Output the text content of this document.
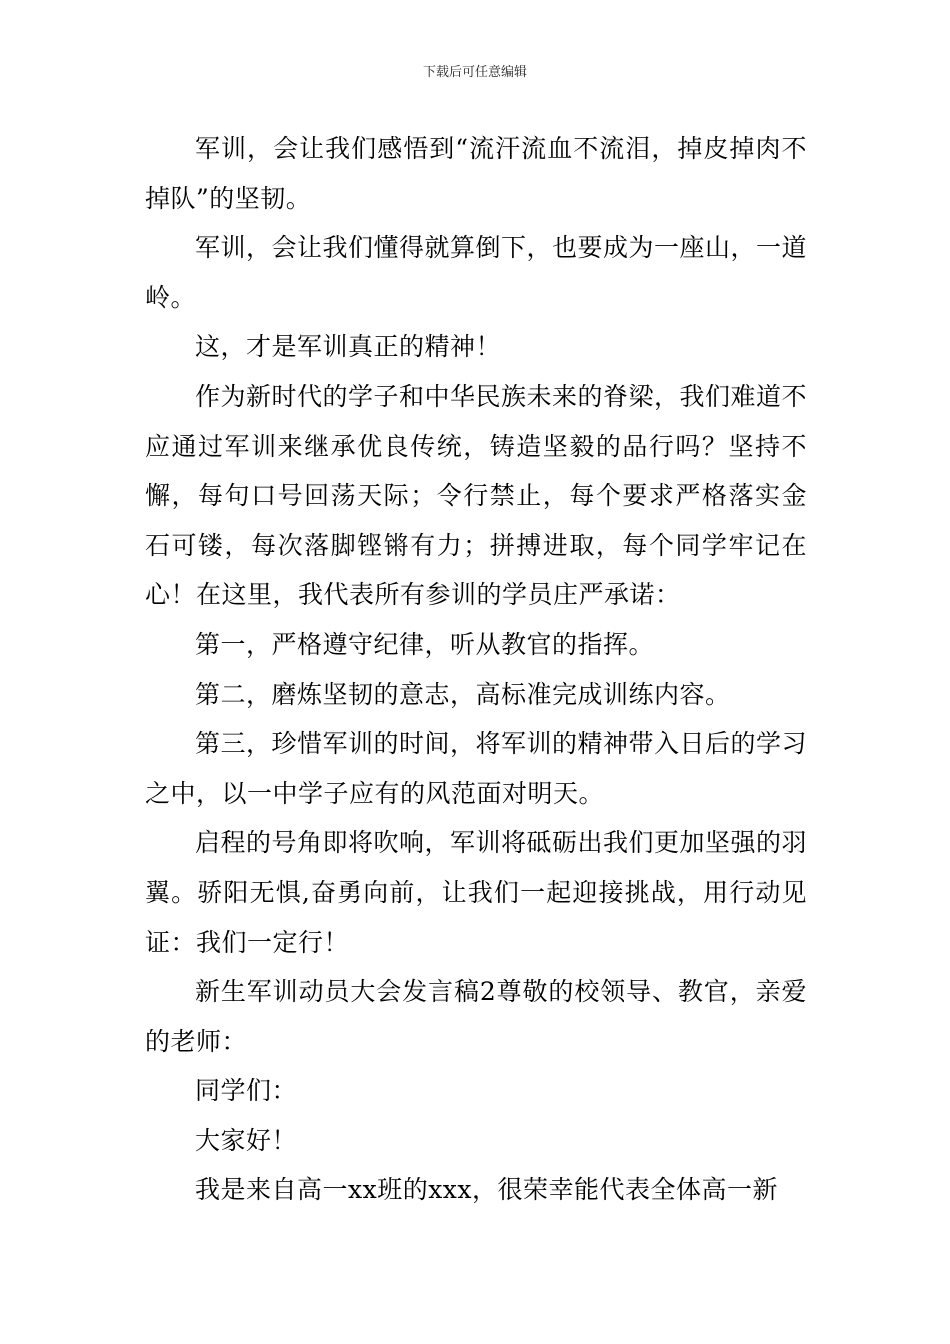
下载后可任意编辑

军训，会让我们感悟到“流汗流血不流泪，掉皮掉肉不掉队”的坚韧。

军训，会让我们懂得就算倒下，也要成为一座山，一道岭。

这，才是军训真正的精神！

作为新时代的学子和中华民族未来的脊梁，我们难道不应通过军训来继承优良传统，铸造坚毅的品行吗？坚持不懈，每句口号回荡天际；令行禁止，每个要求严格落实金石可镂，每次落脚铿锵有力；拼搏进取，每个同学牢记在心！在这里，我代表所有参训的学员庄严承诺：

第一，严格遵守纪律，听从教官的指挥。

第二，磨炼坚韧的意志，高标准完成训练内容。

第三，珍惜军训的时间，将军训的精神带入日后的学习之中，以一中学子应有的风范面对明天。

启程的号角即将吹响，军训将砥砺出我们更加坚强的羽翼。骄阳无惧,奋勇向前，让我们一起迎接挑战，用行动见证：我们一定行！

新生军训动员大会发言稿2尊敬的校领导、教官，亲爱的老师：

同学们：

大家好！

我是来自高一xx班的xxx，很荣幸能代表全体高一新
